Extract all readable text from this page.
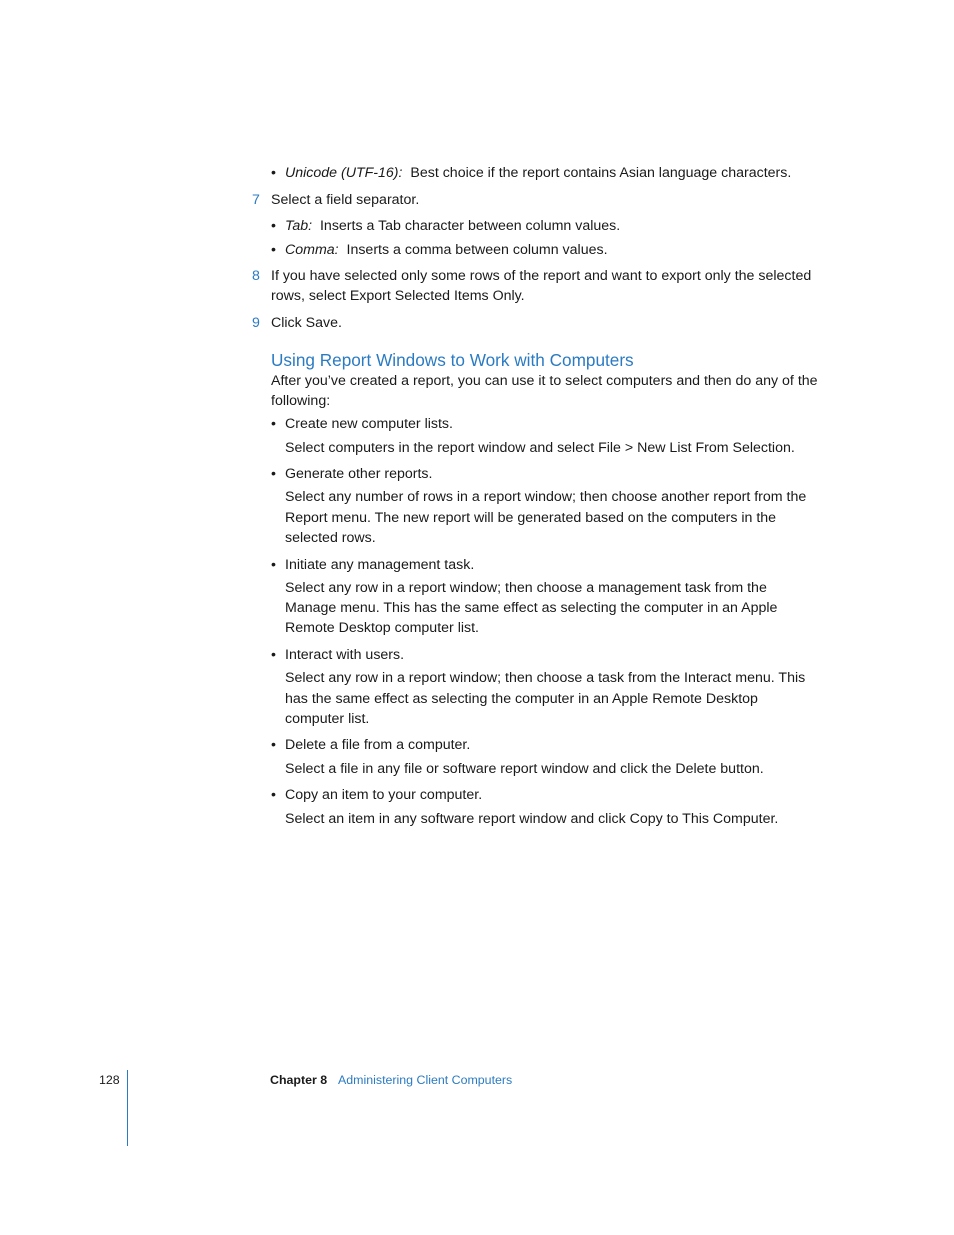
• Unicode (UTF-16): Best choice if the report contains Asian language characters.
7 Select a field separator.
• Tab: Inserts a Tab character between column values.
• Comma: Inserts a comma between column values.
8 If you have selected only some rows of the report and want to export only the selected
rows, select Export Selected Items Only.
9 Click Save.
Using Report Windows to Work with Computers
After you’ve created a report, you can use it to select computers and then do any of the
following:
• Create new computer lists.
Select computers in the report window and select File > New List From Selection.
• Generate other reports.
Select any number of rows in a report window; then choose another report from the
Report menu. The new report will be generated based on the computers in the
selected rows.
• Initiate any management task.
Select any row in a report window; then choose a management task from the
Manage menu. This has the same effect as selecting the computer in an Apple
Remote Desktop computer list.
• Interact with users.
Select any row in a report window; then choose a task from the Interact menu. This
has the same effect as selecting the computer in an Apple Remote Desktop
computer list.
• Delete a file from a computer.
Select a file in any file or software report window and click the Delete button.
• Copy an item to your computer.
Select an item in any software report window and click Copy to This Computer.
128	Chapter 8 Administering Client Computers
